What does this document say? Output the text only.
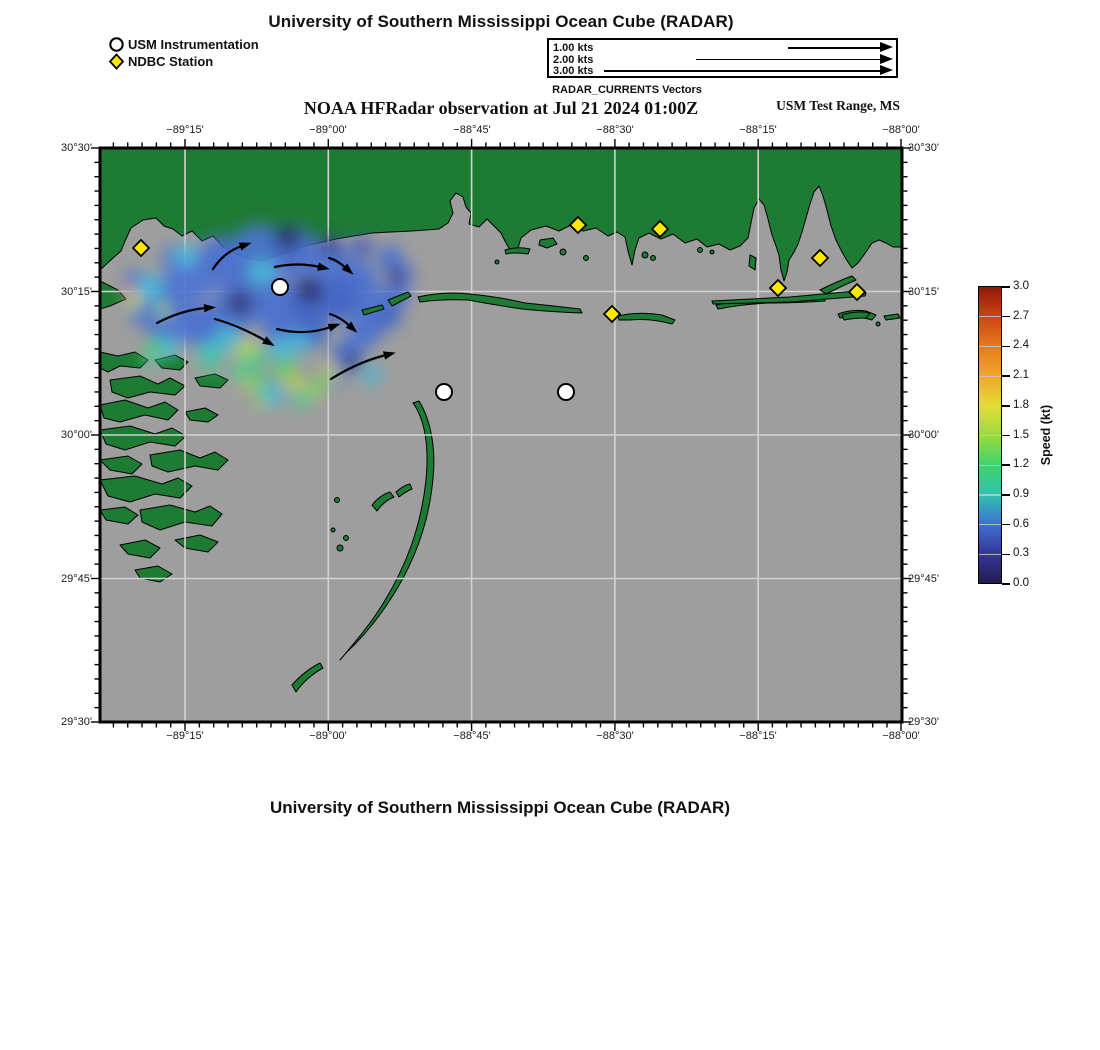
University of Southern Mississippi Ocean Cube (RADAR)
USM Instrumentation
NDBC Station
1.00 kts
2.00 kts
3.00 kts
RADAR_CURRENTS Vectors
NOAA HFRadar observation at Jul 21 2024 01:00Z	USM Test Range, MS
Speed (kt)
University of Southern Mississippi Ocean Cube (RADAR)
−89°15'	−89°00'	−88°45'	−88°30'	−88°15'	−88°00'
−89°15'	−89°00'	−88°45'	−88°30'	−88°15'	−88°00'
30°30'
30°15'
30°00'
29°45'
29°30'
30°30'
30°15'
30°00'
29°45'
29°30'
3.0
2.7
2.4
2.1
1.8
1.5
1.2
0.9
0.6
0.3
0.0
